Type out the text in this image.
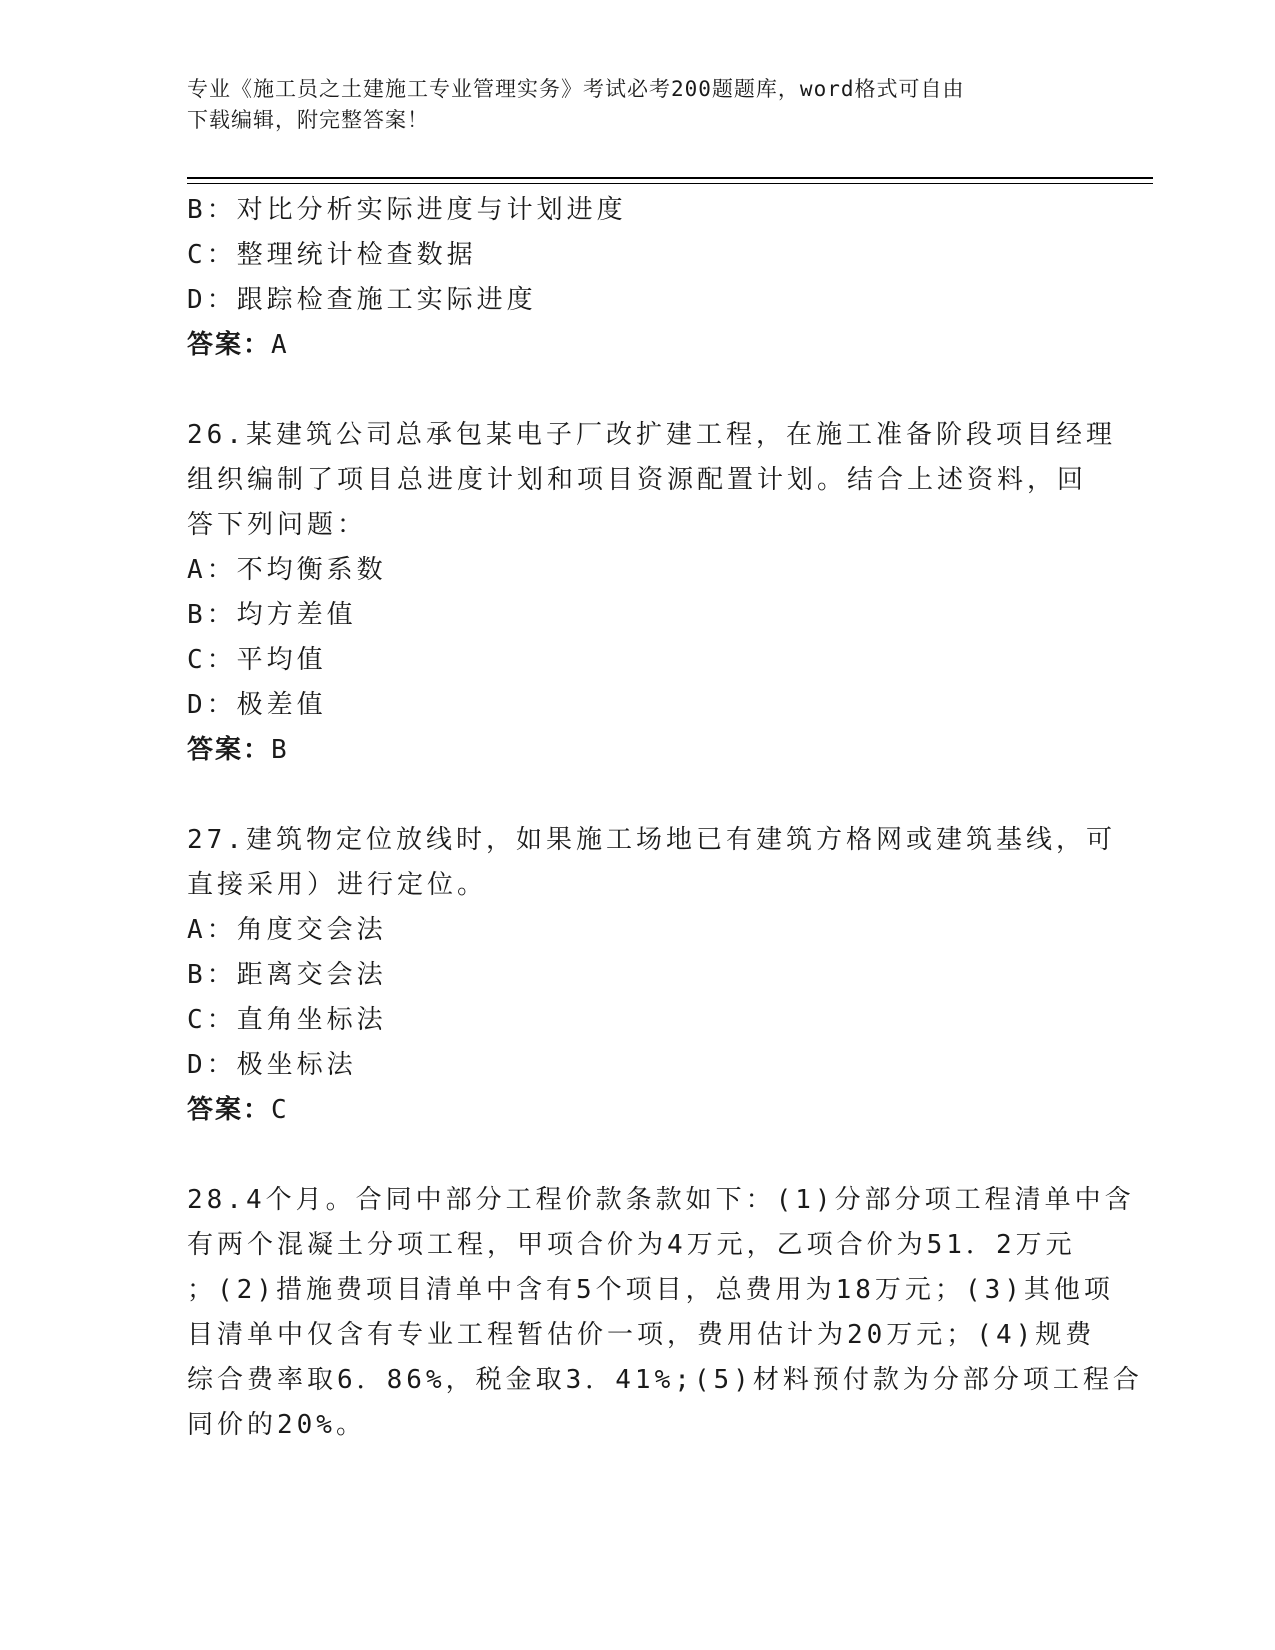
专业《施工员之土建施工专业管理实务》考试必考200题题库，word格式可自由
下载编辑，附完整答案！
B：对比分析实际进度与计划进度
C：整理统计检查数据
D：跟踪检查施工实际进度
答案：A
26.某建筑公司总承包某电子厂改扩建工程，在施工准备阶段项目经理
组织编制了项目总进度计划和项目资源配置计划。结合上述资料，回
答下列问题：
A：不均衡系数
B：均方差值
C：平均值
D：极差值
答案：B
27.建筑物定位放线时，如果施工场地已有建筑方格网或建筑基线，可
直接采用）进行定位。
A：角度交会法
B：距离交会法
C：直角坐标法
D：极坐标法
答案：C
28.4个月。合同中部分工程价款条款如下：(1)分部分项工程清单中含
有两个混凝土分项工程，甲项合价为4万元，乙项合价为51．2万元
；(2)措施费项目清单中含有5个项目，总费用为18万元；(3)其他项
目清单中仅含有专业工程暂估价一项，费用估计为20万元；(4)规费
综合费率取6．86%，税金取3．41%;(5)材料预付款为分部分项工程合
同价的20%。
